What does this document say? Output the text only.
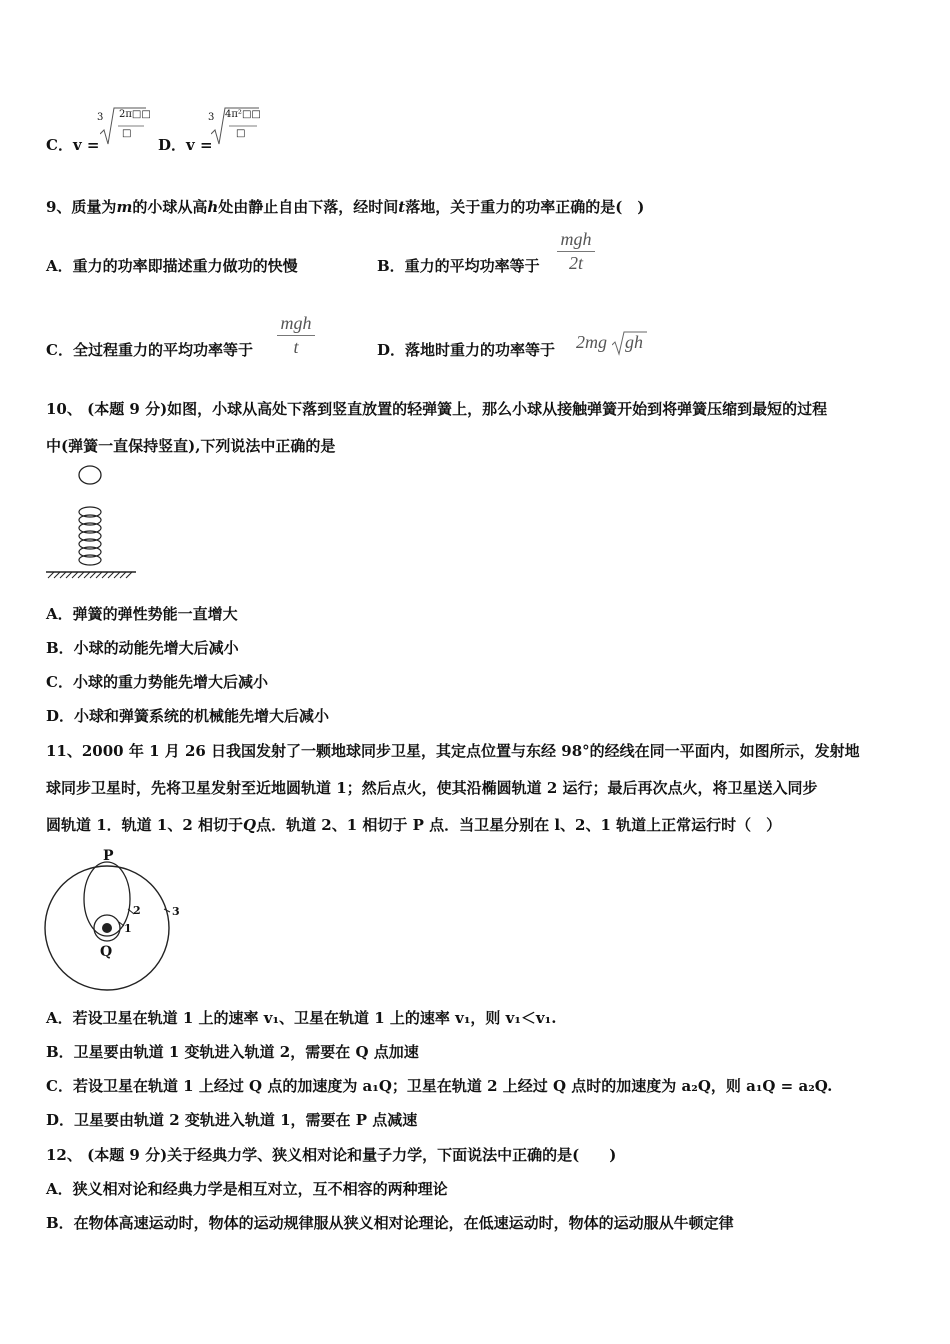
C．v =
3 2π□□
□
D．v =
3 4π²□□
□
9、质量为m的小球从高h处由静止自由下落，经时间t落地，关于重力的功率正确的是(　)
A．重力的功率即描述重力做功的快慢	B．重力的平均功率等于
mgh
2t
C．全过程重力的平均功率等于
mgh
t	D．落地时重力的功率等于 2mg gh
10、 (本题 9 分)如图，小球从高处下落到竖直放置的轻弹簧上，那么小球从接触弹簧开始到将弹簧压缩到最短的过程
中(弹簧一直保持竖直),下列说法中正确的是
A．弹簧的弹性势能一直增大
B．小球的动能先增大后减小
C．小球的重力势能先增大后减小
D．小球和弹簧系统的机械能先增大后减小
11、2000 年 1 月 26 日我国发射了一颗地球同步卫星，其定点位置与东经 98°的经线在同一平面内，如图所示，发射地
球同步卫星时，先将卫星发射至近地圆轨道 1；然后点火，使其沿椭圆轨道 2 运行；最后再次点火，将卫星送入同步
圆轨道 1．轨道 1、2 相切于Q点．轨道 2、1 相切于 P 点．当卫星分别在 l、2、1 轨道上正常运行时（　）
P
Q
1
2	3
A．若设卫星在轨道 1 上的速率 v₁、卫星在轨道 1 上的速率 v₁，则 v₁＜v₁.
B．卫星要由轨道 1 变轨进入轨道 2，需要在 Q 点加速
C．若设卫星在轨道 1 上经过 Q 点的加速度为 a₁Q；卫星在轨道 2 上经过 Q 点时的加速度为 a₂Q，则 a₁Q = a₂Q.
D．卫星要由轨道 2 变轨进入轨道 1，需要在 P 点减速
12、 (本题 9 分)关于经典力学、狭义相对论和量子力学，下面说法中正确的是(　　)
A．狭义相对论和经典力学是相互对立，互不相容的两种理论
B．在物体高速运动时，物体的运动规律服从狭义相对论理论，在低速运动时，物体的运动服从牛顿定律
